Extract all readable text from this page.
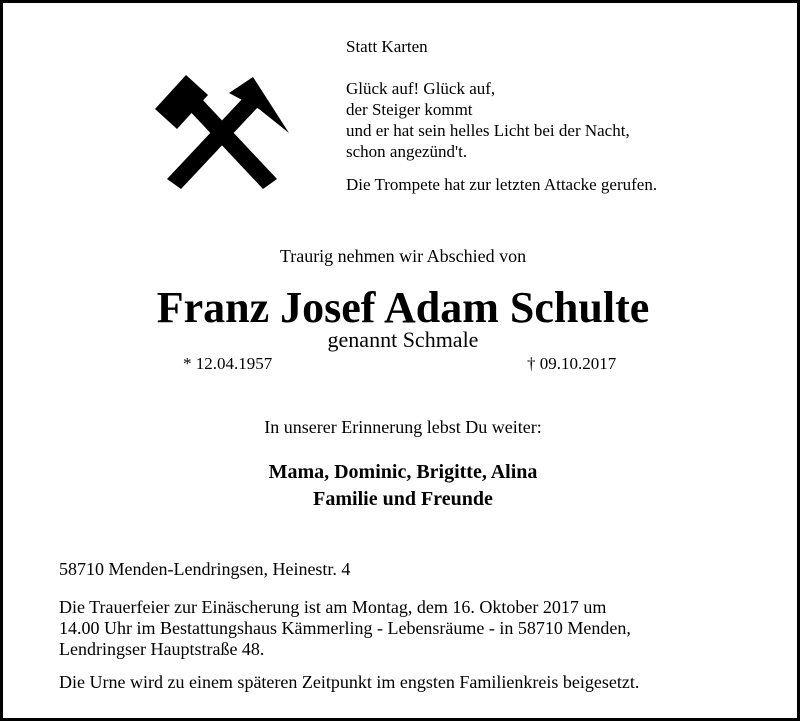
Statt Karten

Glück auf! Glück auf,

der Steiger kommt

und er hat sein helles Licht bei der Nacht,

schon angezünd't.

Die Trompete hat zur letzten Attacke gerufen.

Traurig nehmen wir Abschied von

Franz Josef Adam Schulte

genannt Schmale

* 12.04.1957	† 09.10.2017

In unserer Erinnerung lebst Du weiter:

Mama, Dominic, Brigitte, Alina

Familie und Freunde

58710 Menden-Lendringsen, Heinestr. 4

Die Trauerfeier zur Einäscherung ist am Montag, dem 16. Oktober 2017 um

14.00 Uhr im Bestattungshaus Kämmerling - Lebensräume - in 58710 Menden,

Lendringser Hauptstraße 48.

Die Urne wird zu einem späteren Zeitpunkt im engsten Familienkreis beigesetzt.
